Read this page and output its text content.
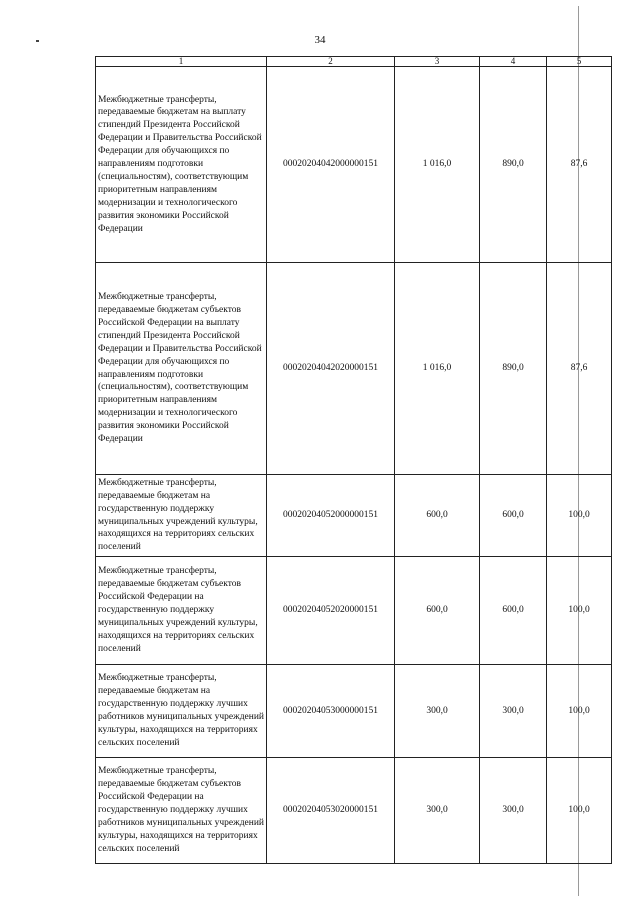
34
1	2	3	4	5
Межбюджетные трансферты, передаваемые бюджетам на выплату стипендий Президента Российской Федерации и Правительства Российской Федерации для обучающихся по направлениям подготовки (специальностям), соответствующим приоритетным направлениям модернизации и технологического развития экономики Российской Федерации	00020204042000000151	1 016,0	890,0	87,6
Межбюджетные трансферты, передаваемые бюджетам субъектов Российской Федерации на выплату стипендий Президента Российской Федерации и Правительства Российской Федерации для обучающихся по направлениям подготовки (специальностям), соответствующим приоритетным направлениям модернизации и технологического развития экономики Российской Федерации	00020204042020000151	1 016,0	890,0	87,6
Межбюджетные трансферты, передаваемые бюджетам на государственную поддержку муниципальных учреждений культуры, находящихся на территориях сельских поселений	00020204052000000151	600,0	600,0	100,0
Межбюджетные трансферты, передаваемые бюджетам субъектов Российской Федерации на государственную поддержку муниципальных учреждений культуры, находящихся на территориях сельских поселений	00020204052020000151	600,0	600,0	100,0
Межбюджетные трансферты, передаваемые бюджетам на государственную поддержку лучших работников муниципальных учреждений культуры, находящихся на территориях сельских поселений	00020204053000000151	300,0	300,0	100,0
Межбюджетные трансферты, передаваемые бюджетам субъектов Российской Федерации на государственную поддержку лучших работников муниципальных учреждений культуры, находящихся на территориях сельских поселений	00020204053020000151	300,0	300,0	100,0
